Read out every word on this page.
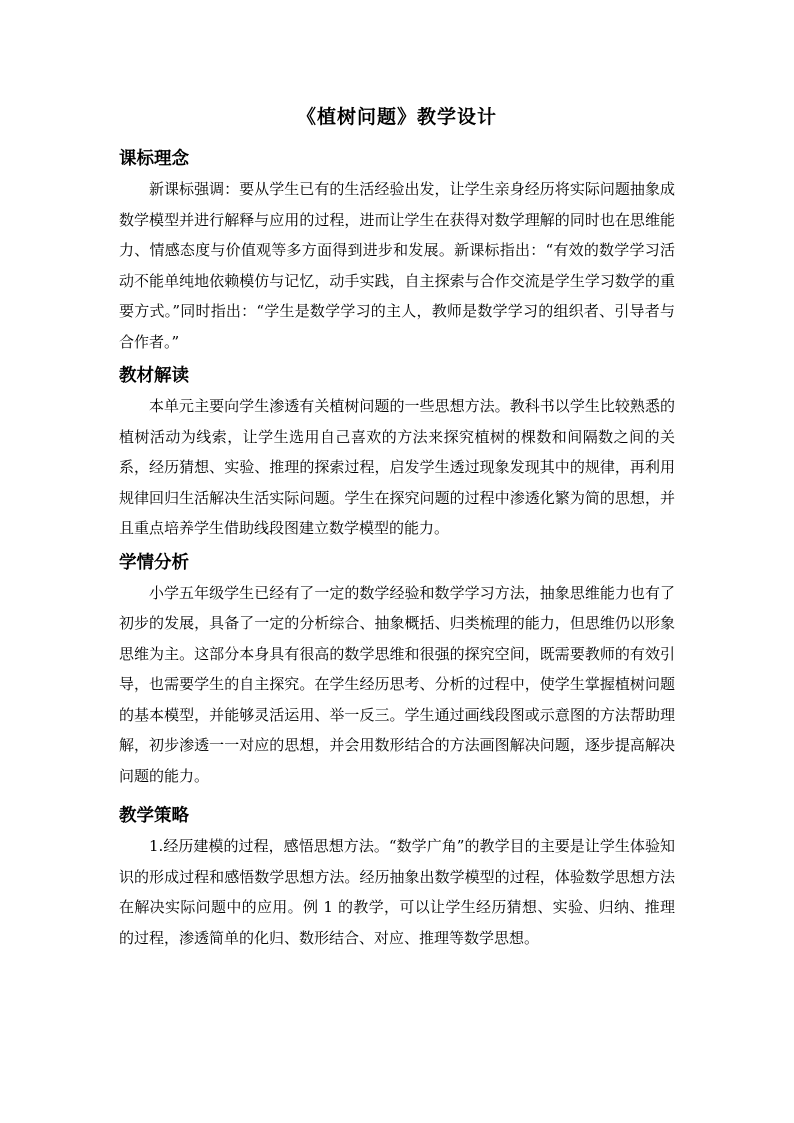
《植树问题》教学设计
课标理念

新课标强调：要从学生已有的生活经验出发，让学生亲身经历将实际问题抽象成数学模型并进行解释与应用的过程，进而让学生在获得对数学理解的同时也在思维能力、情感态度与价值观等多方面得到进步和发展。新课标指出：“有效的数学学习活动不能单纯地依赖模仿与记忆，动手实践，自主探索与合作交流是学生学习数学的重要方式。”同时指出：“学生是数学学习的主人，教师是数学学习的组织者、引导者与合作者。”

教材解读

本单元主要向学生渗透有关植树问题的一些思想方法。教科书以学生比较熟悉的植树活动为线索，让学生选用自己喜欢的方法来探究植树的棵数和间隔数之间的关系，经历猜想、实验、推理的探索过程，启发学生透过现象发现其中的规律，再利用规律回归生活解决生活实际问题。学生在探究问题的过程中渗透化繁为简的思想，并且重点培养学生借助线段图建立数学模型的能力。

学情分析

小学五年级学生已经有了一定的数学经验和数学学习方法，抽象思维能力也有了初步的发展，具备了一定的分析综合、抽象概括、归类梳理的能力，但思维仍以形象思维为主。这部分本身具有很高的数学思维和很强的探究空间，既需要教师的有效引导，也需要学生的自主探究。在学生经历思考、分析的过程中，使学生掌握植树问题的基本模型，并能够灵活运用、举一反三。学生通过画线段图或示意图的方法帮助理解，初步渗透一一对应的思想，并会用数形结合的方法画图解决问题，逐步提高解决问题的能力。

教学策略

1.经历建模的过程，感悟思想方法。“数学广角”的教学目的主要是让学生体验知识的形成过程和感悟数学思想方法。经历抽象出数学模型的过程，体验数学思想方法在解决实际问题中的应用。例 1 的教学，可以让学生经历猜想、实验、归纳、推理的过程，渗透简单的化归、数形结合、对应、推理等数学思想。
